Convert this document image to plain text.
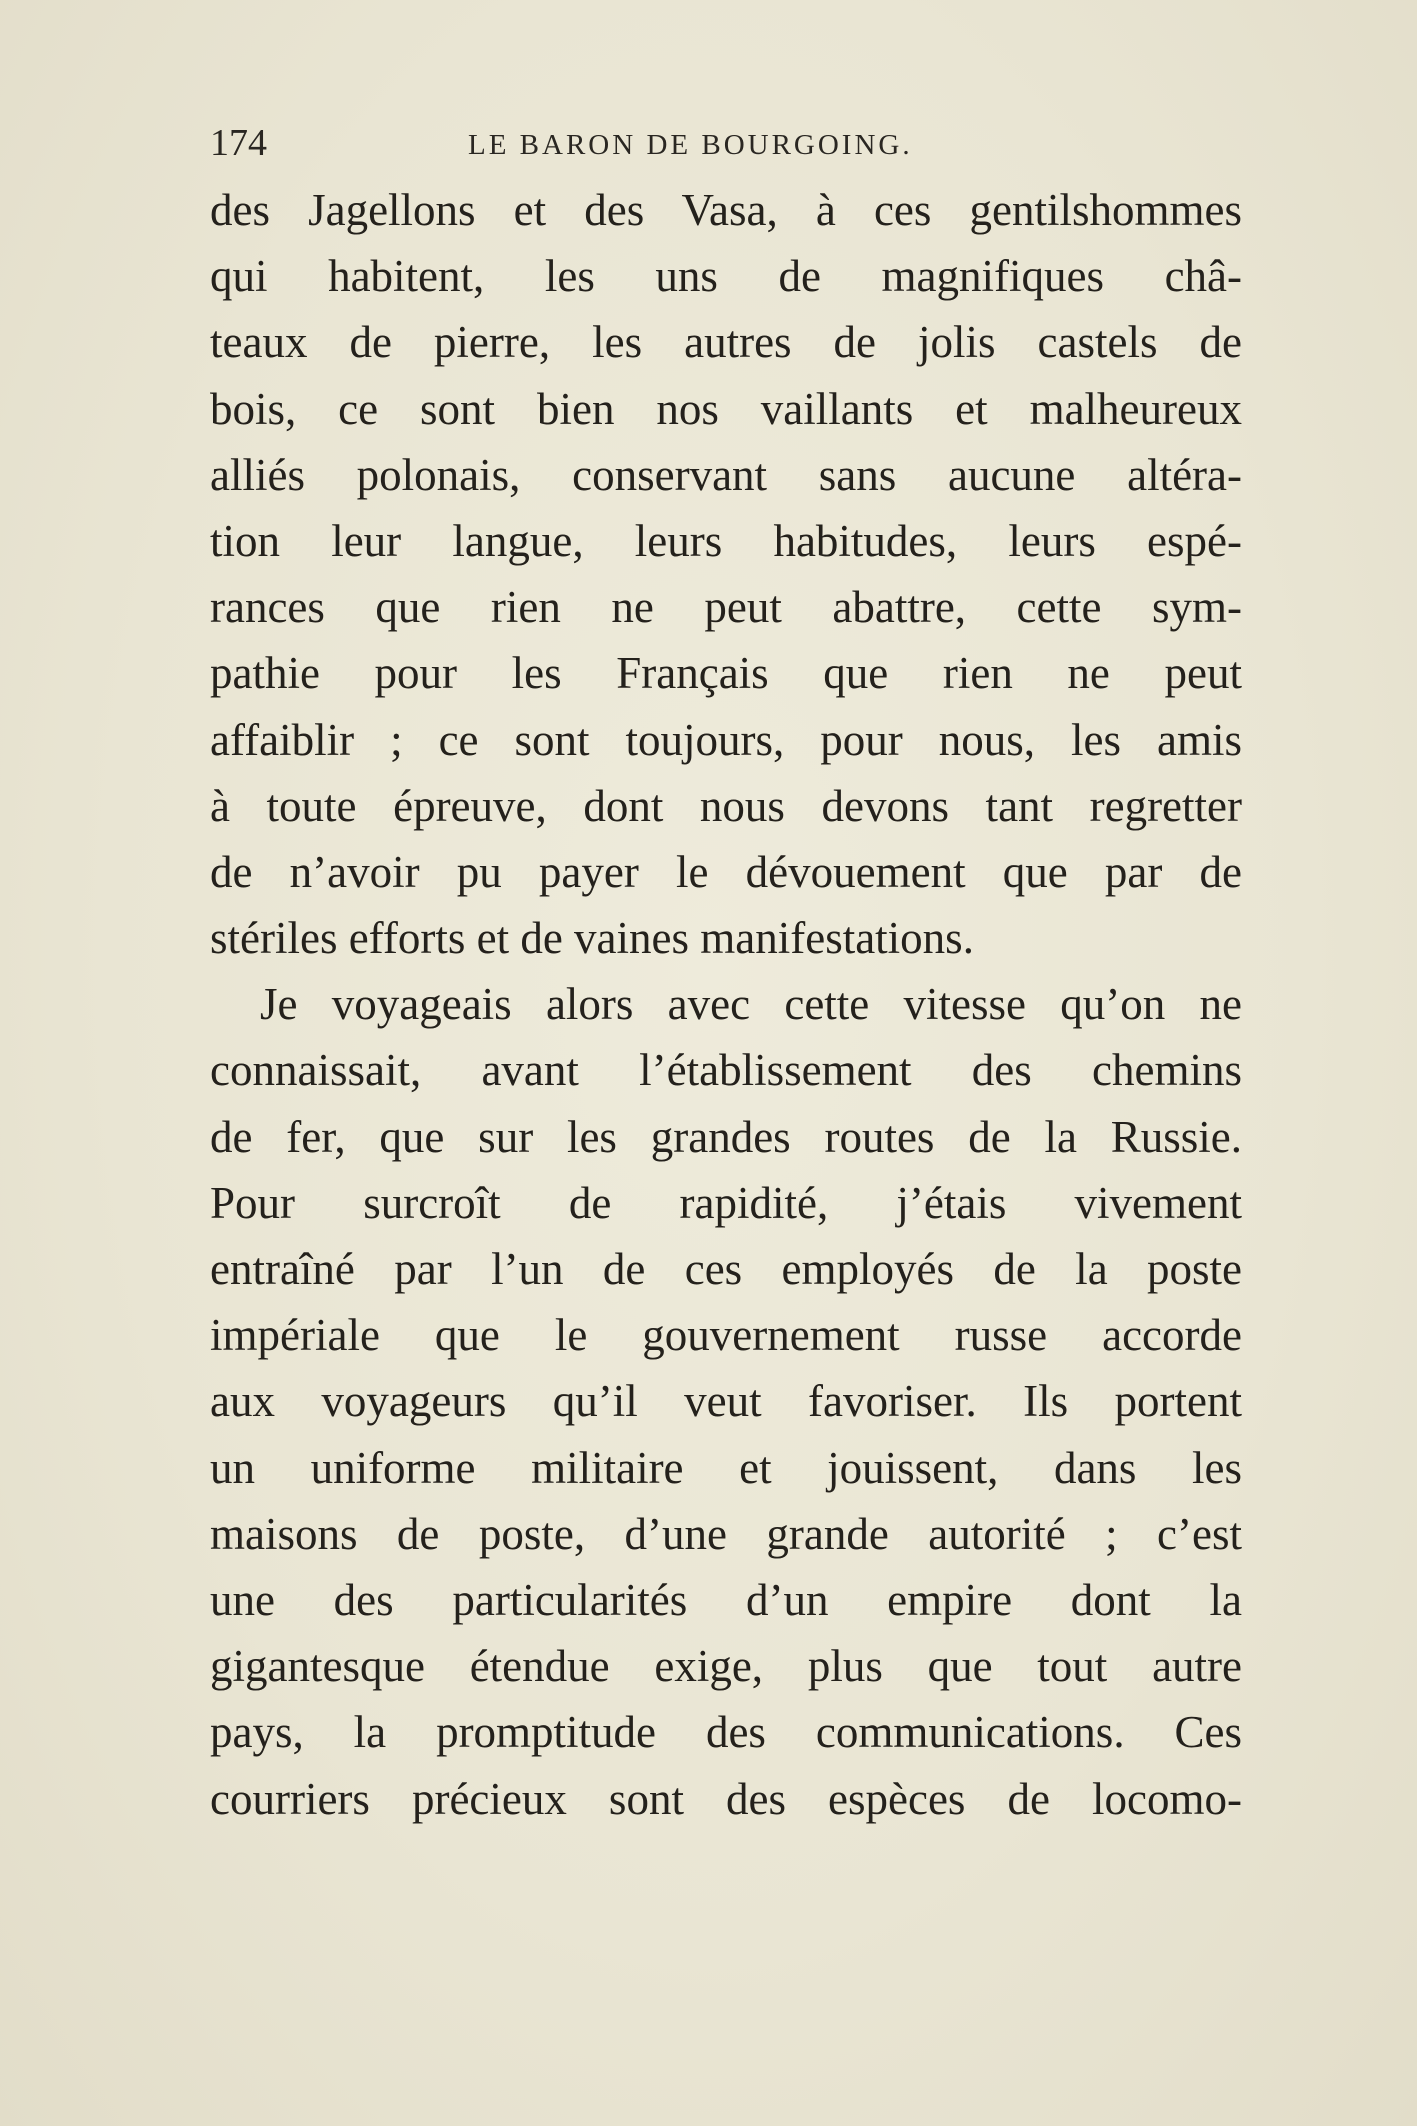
174	LE BARON DE BOURGOING.
des Jagellons et des Vasa, à ces gentilshommes
qui habitent, les uns de magnifiques châ-
teaux de pierre, les autres de jolis castels de
bois, ce sont bien nos vaillants et malheureux
alliés polonais, conservant sans aucune altéra-
tion leur langue, leurs habitudes, leurs espé-
rances que rien ne peut abattre, cette sym-
pathie pour les Français que rien ne peut
affaiblir ; ce sont toujours, pour nous, les amis
à toute épreuve, dont nous devons tant regretter
de n’avoir pu payer le dévouement que par de
stériles efforts et de vaines manifestations.
Je voyageais alors avec cette vitesse qu’on ne
connaissait, avant l’établissement des chemins
de fer, que sur les grandes routes de la Russie.
Pour surcroît de rapidité, j’étais vivement
entraîné par l’un de ces employés de la poste
impériale que le gouvernement russe accorde
aux voyageurs qu’il veut favoriser. Ils portent
un uniforme militaire et jouissent, dans les
maisons de poste, d’une grande autorité ; c’est
une des particularités d’un empire dont la
gigantesque étendue exige, plus que tout autre
pays, la promptitude des communications. Ces
courriers précieux sont des espèces de locomo-
